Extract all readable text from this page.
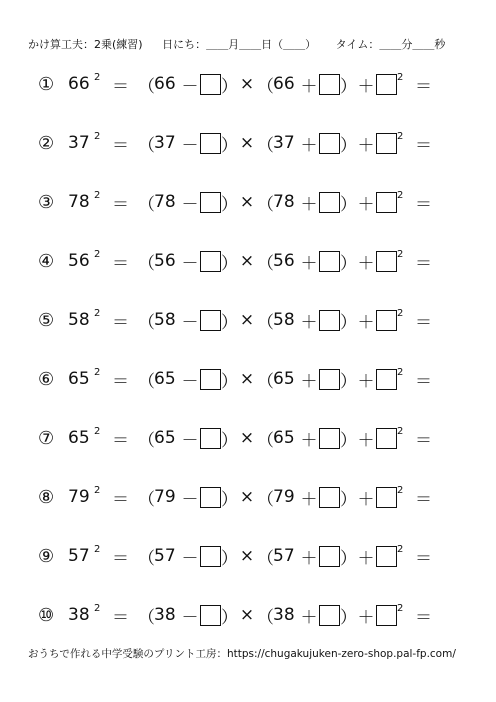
かけ算工夫：2乗(練習) 日にち：＿＿月＿＿日（＿＿） タイム：＿＿分＿＿秒
① 66 2 ＝ （ 66 － ） × （ 66 ＋ ） ＋ 2 ＝
② 37 2 ＝ （ 37 － ） × （ 37 ＋ ） ＋ 2 ＝
③ 78 2 ＝ （ 78 － ） × （ 78 ＋ ） ＋ 2 ＝
④ 56 2 ＝ （ 56 － ） × （ 56 ＋ ） ＋ 2 ＝
⑤ 58 2 ＝ （ 58 － ） × （ 58 ＋ ） ＋ 2 ＝
⑥ 65 2 ＝ （ 65 － ） × （ 65 ＋ ） ＋ 2 ＝
⑦ 65 2 ＝ （ 65 － ） × （ 65 ＋ ） ＋ 2 ＝
⑧ 79 2 ＝ （ 79 － ） × （ 79 ＋ ） ＋ 2 ＝
⑨ 57 2 ＝ （ 57 － ） × （ 57 ＋ ） ＋ 2 ＝
⑩ 38 2 ＝ （ 38 － ） × （ 38 ＋ ） ＋ 2 ＝
おうちで作れる中学受験のプリント工房：https://chugakujuken-zero-shop.pal-fp.com/
